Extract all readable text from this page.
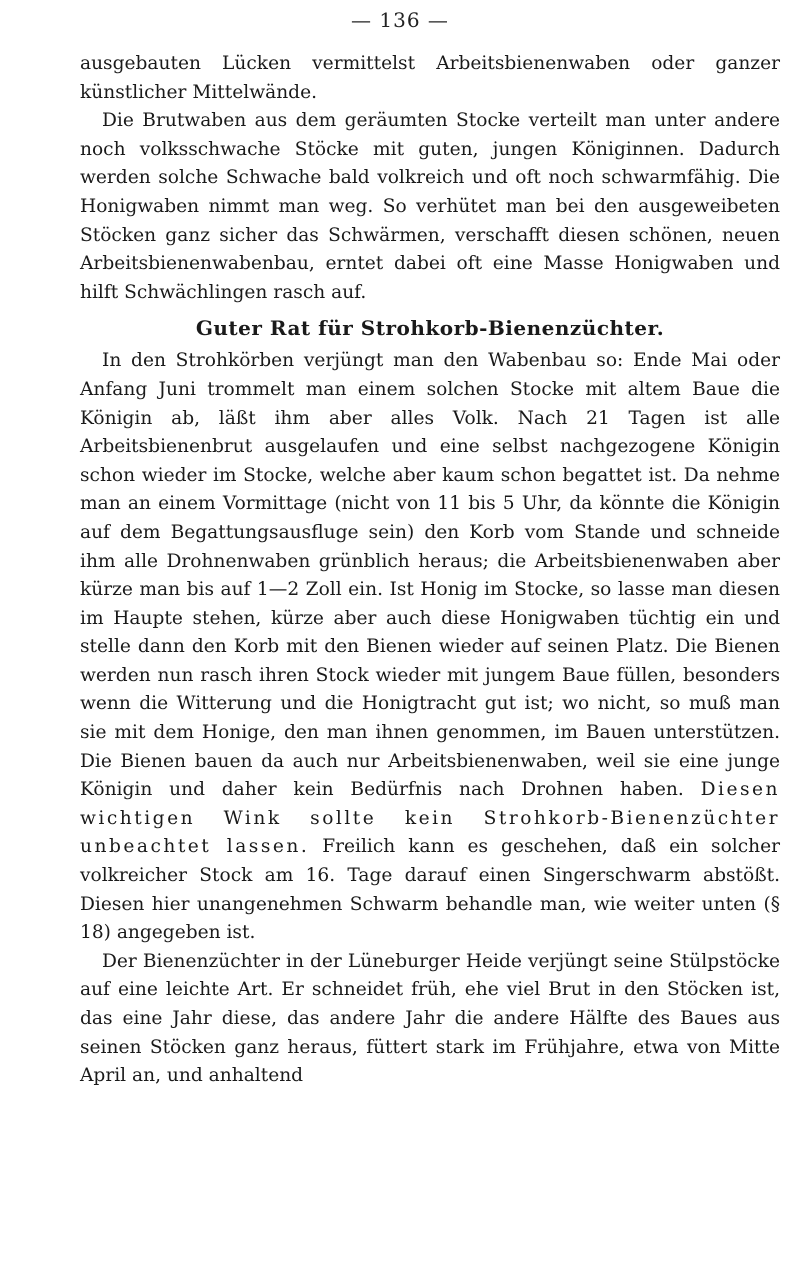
— 136 —

ausgebauten Lücken vermittelst Arbeitsbienenwaben oder ganzer künstlicher Mittelwände.

Die Brutwaben aus dem geräumten Stocke verteilt man unter andere noch volksschwache Stöcke mit guten, jungen Königinnen. Dadurch werden solche Schwache bald volkreich und oft noch schwarmfähig. Die Honigwaben nimmt man weg. So verhütet man bei den ausgeweibeten Stöcken ganz sicher das Schwärmen, verschafft diesen schönen, neuen Arbeitsbienenwabenbau, erntet dabei oft eine Masse Honigwaben und hilft Schwächlingen rasch auf.

Guter Rat für Strohkorb-Bienenzüchter.

In den Strohkörben verjüngt man den Wabenbau so: Ende Mai oder Anfang Juni trommelt man einem solchen Stocke mit altem Baue die Königin ab, läßt ihm aber alles Volk. Nach 21 Tagen ist alle Arbeitsbienenbrut ausgelaufen und eine selbst nachgezogene Königin schon wieder im Stocke, welche aber kaum schon begattet ist. Da nehme man an einem Vormittage (nicht von 11 bis 5 Uhr, da könnte die Königin auf dem Begattungsausfluge sein) den Korb vom Stande und schneide ihm alle Drohnenwaben grünblich heraus; die Arbeitsbienenwaben aber kürze man bis auf 1—2 Zoll ein. Ist Honig im Stocke, so lasse man diesen im Haupte stehen, kürze aber auch diese Honigwaben tüchtig ein und stelle dann den Korb mit den Bienen wieder auf seinen Platz. Die Bienen werden nun rasch ihren Stock wieder mit jungem Baue füllen, besonders wenn die Witterung und die Honigtracht gut ist; wo nicht, so muß man sie mit dem Honige, den man ihnen genommen, im Bauen unterstützen. Die Bienen bauen da auch nur Arbeitsbienenwaben, weil sie eine junge Königin und daher kein Bedürfnis nach Drohnen haben. Diesen wichtigen Wink sollte kein Strohkorb-Bienenzüchter unbeachtet lassen. Freilich kann es geschehen, daß ein solcher volkreicher Stock am 16. Tage darauf einen Singerschwarm abstößt. Diesen hier unangenehmen Schwarm behandle man, wie weiter unten (§ 18) angegeben ist.

Der Bienenzüchter in der Lüneburger Heide verjüngt seine Stülpstöcke auf eine leichte Art. Er schneidet früh, ehe viel Brut in den Stöcken ist, das eine Jahr diese, das andere Jahr die andere Hälfte des Baues aus seinen Stöcken ganz heraus, füttert stark im Frühjahre, etwa von Mitte April an, und anhaltend
